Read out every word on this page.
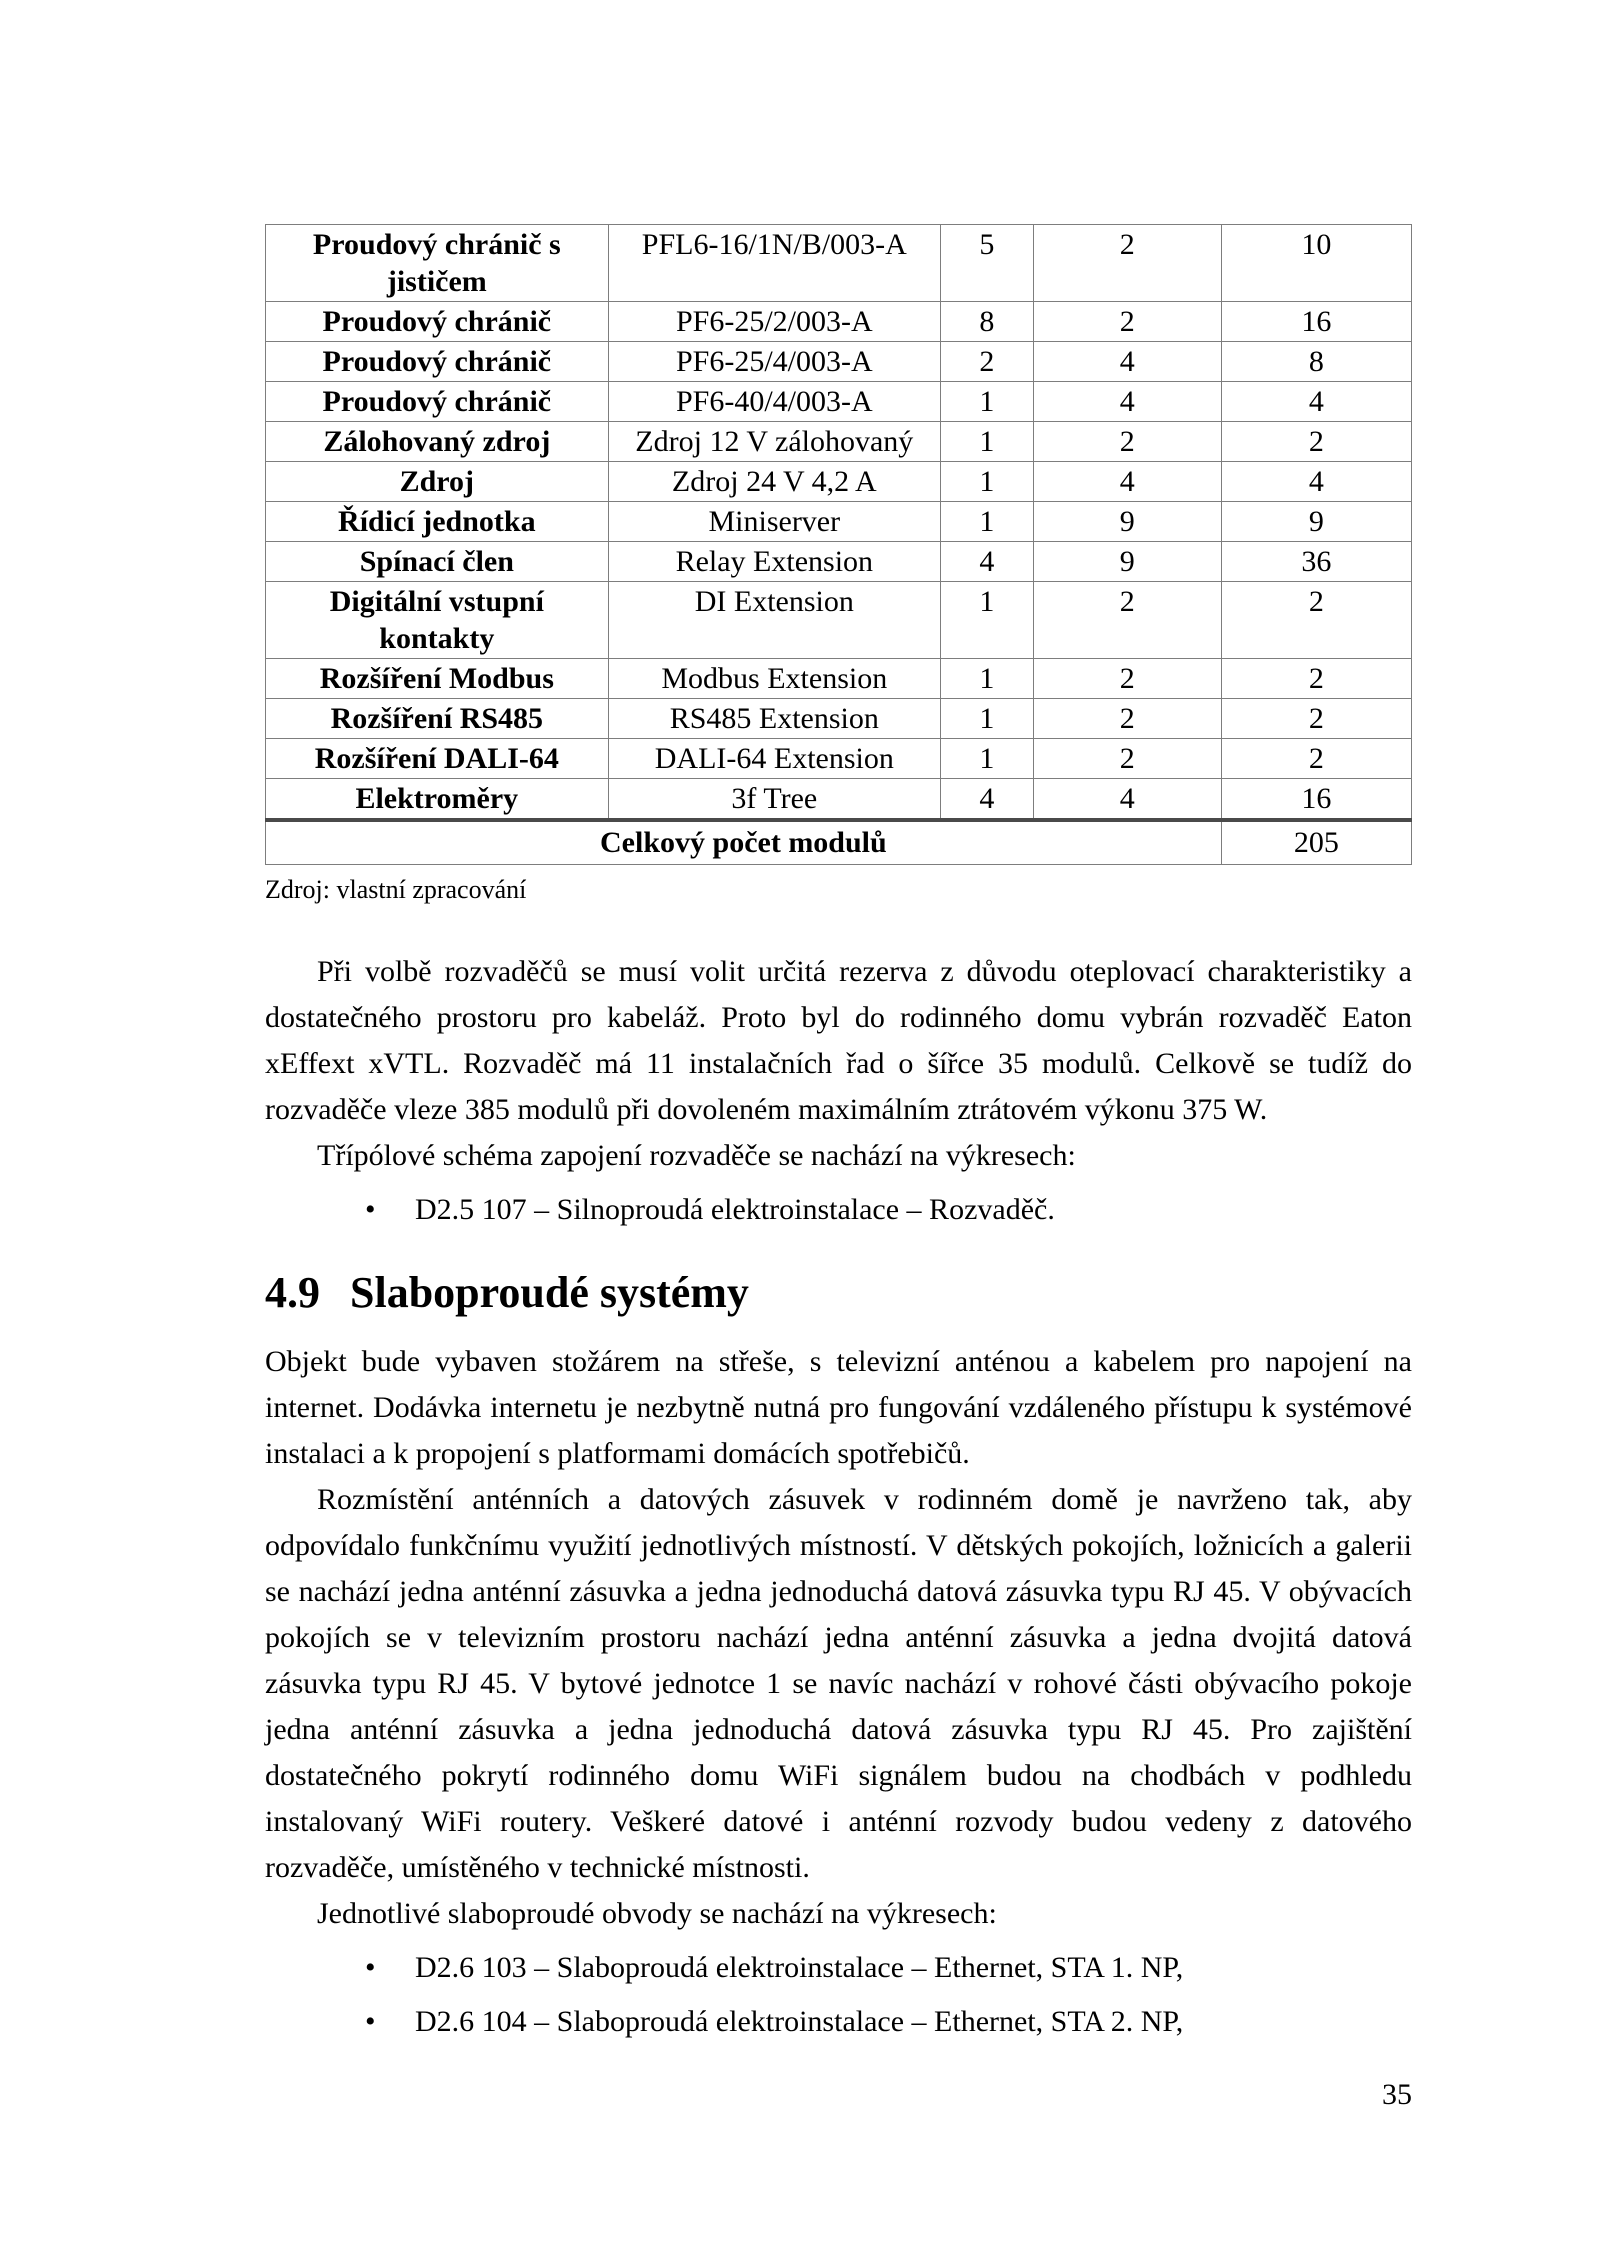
Proudový chránič s jističem	PFL6-16/1N/B/003-A	5	2	10
Proudový chránič	PF6-25/2/003-A	8	2	16
Proudový chránič	PF6-25/4/003-A	2	4	8
Proudový chránič	PF6-40/4/003-A	1	4	4
Zálohovaný zdroj	Zdroj 12 V zálohovaný	1	2	2
Zdroj	Zdroj 24 V 4,2 A	1	4	4
Řídicí jednotka	Miniserver	1	9	9
Spínací člen	Relay Extension	4	9	36
Digitální vstupní kontakty	DI Extension	1	2	2
Rozšíření Modbus	Modbus Extension	1	2	2
Rozšíření RS485	RS485 Extension	1	2	2
Rozšíření DALI-64	DALI-64 Extension	1	2	2
Elektroměry	3f Tree	4	4	16
Celkový počet modulů				205
Zdroj: vlastní zpracování

Při volbě rozvaděčů se musí volit určitá rezerva z důvodu oteplovací charakteristiky a dostatečného prostoru pro kabeláž. Proto byl do rodinného domu vybrán rozvaděč Eaton xEffext xVTL. Rozvaděč má 11 instalačních řad o šířce 35 modulů. Celkově se tudíž do rozvaděče vleze 385 modulů při dovoleném maximálním ztrátovém výkonu 375 W.

Třípólové schéma zapojení rozvaděče se nachází na výkresech:

• D2.5 107 – Silnoproudá elektroinstalace – Rozvaděč.
4.9 Slaboproudé systémy

Objekt bude vybaven stožárem na střeše, s televizní anténou a kabelem pro napojení na internet. Dodávka internetu je nezbytně nutná pro fungování vzdáleného přístupu k systémové instalaci a k propojení s platformami domácích spotřebičů.

Rozmístění anténních a datových zásuvek v rodinném domě je navrženo tak, aby odpovídalo funkčnímu využití jednotlivých místností. V dětských pokojích, ložnicích a galerii se nachází jedna anténní zásuvka a jedna jednoduchá datová zásuvka typu RJ 45. V obývacích pokojích se v televizním prostoru nachází jedna anténní zásuvka a jedna dvojitá datová zásuvka typu RJ 45. V bytové jednotce 1 se navíc nachází v rohové části obývacího pokoje jedna anténní zásuvka a jedna jednoduchá datová zásuvka typu RJ 45. Pro zajištění dostatečného pokrytí rodinného domu WiFi signálem budou na chodbách v podhledu instalovaný WiFi routery. Veškeré datové i anténní rozvody budou vedeny z datového rozvaděče, umístěného v technické místnosti.

Jednotlivé slaboproudé obvody se nachází na výkresech:

• D2.6 103 – Slaboproudá elektroinstalace – Ethernet, STA 1. NP,
• D2.6 104 – Slaboproudá elektroinstalace – Ethernet, STA 2. NP,
35
